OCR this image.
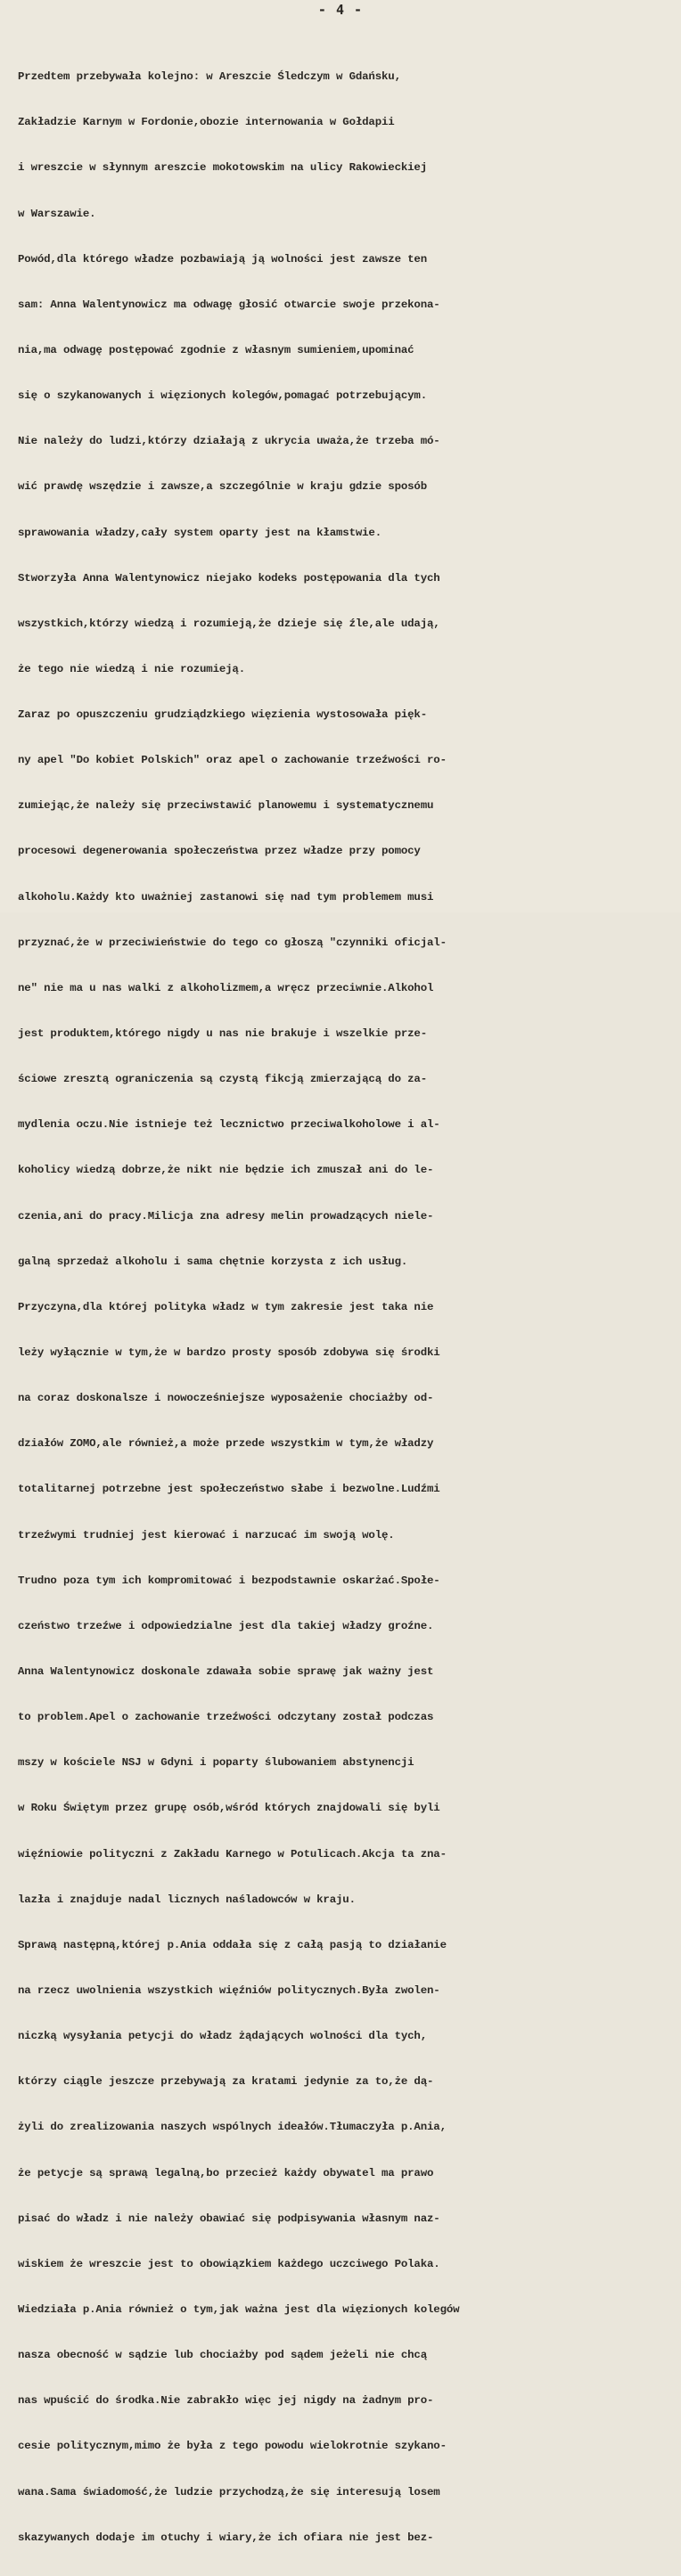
- 4 -

Przedtem przebywała kolejno: w Areszcie Śledczym w Gdańsku,

Zakładzie Karnym w Fordonie,obozie internowania w Gołdapii

i wreszcie w słynnym areszcie mokotowskim na ulicy Rakowieckiej

w Warszawie.

Powód,dla którego władze pozbawiają ją wolności jest zawsze ten

sam: Anna Walentynowicz ma odwagę głosić otwarcie swoje przekona-

nia,ma odwagę postępować zgodnie z własnym sumieniem,upominać

się o szykanowanych i więzionych kolegów,pomagać potrzebującym.

Nie należy do ludzi,którzy działają z ukrycia uważa,że trzeba mó-

wić prawdę wszędzie i zawsze,a szczególnie w kraju gdzie sposób

sprawowania władzy,cały system oparty jest na kłamstwie.

Stworzyła Anna Walentynowicz niejako kodeks postępowania dla tych

wszystkich,którzy wiedzą i rozumieją,że dzieje się źle,ale udają,

że tego nie wiedzą i nie rozumieją.

Zaraz po opuszczeniu grudziądzkiego więzienia wystosowała pięk-

ny apel "Do kobiet Polskich" oraz apel o zachowanie trzeźwości ro-

zumiejąc,że należy się przeciwstawić planowemu i systematycznemu

procesowi degenerowania społeczeństwa przez władze przy pomocy

alkoholu.Każdy kto uważniej zastanowi się nad tym problemem musi

przyznać,że w przeciwieństwie do tego co głoszą "czynniki oficjal-

ne" nie ma u nas walki z alkoholizmem,a wręcz przeciwnie.Alkohol

jest produktem,którego nigdy u nas nie brakuje i wszelkie prze-

ściowe zresztą ograniczenia są czystą fikcją zmierzającą do za-

mydlenia oczu.Nie istnieje też lecznictwo przeciwalkoholowe i al-

koholicy wiedzą dobrze,że nikt nie będzie ich zmuszał ani do le-

czenia,ani do pracy.Milicja zna adresy melin prowadzących niele-

galną sprzedaż alkoholu i sama chętnie korzysta z ich usług.

Przyczyna,dla której polityka władz w tym zakresie jest taka nie

leży wyłącznie w tym,że w bardzo prosty sposób zdobywa się środki

na coraz doskonalsze i nowocześniejsze wyposażenie chociażby od-

działów ZOMO,ale również,a może przede wszystkim w tym,że władzy

totalitarnej potrzebne jest społeczeństwo słabe i bezwolne.Ludźmi

trzeźwymi trudniej jest kierować i narzucać im swoją wolę.

Trudno poza tym ich kompromitować i bezpodstawnie oskarżać.Społe-

czeństwo trzeźwe i odpowiedzialne jest dla takiej władzy groźne.

Anna Walentynowicz doskonale zdawała sobie sprawę jak ważny jest

to problem.Apel o zachowanie trzeźwości odczytany został podczas

mszy w kościele NSJ w Gdyni i poparty ślubowaniem abstynencji

w Roku Świętym przez grupę osób,wśród których znajdowali się byli

więźniowie polityczni z Zakładu Karnego w Potulicach.Akcja ta zna-

lazła i znajduje nadal licznych naśladowców w kraju.

Sprawą następną,której p.Ania oddała się z całą pasją to działanie

na rzecz uwolnienia wszystkich więźniów politycznych.Była zwolen-

niczką wysyłania petycji do władz żądających wolności dla tych,

którzy ciągle jeszcze przebywają za kratami jedynie za to,że dą-

żyli do zrealizowania naszych wspólnych ideałów.Tłumaczyła p.Ania,

że petycje są sprawą legalną,bo przecież każdy obywatel ma prawo

pisać do władz i nie należy obawiać się podpisywania własnym naz-

wiskiem że wreszcie jest to obowiązkiem każdego uczciwego Polaka.

Wiedziała p.Ania również o tym,jak ważna jest dla więzionych kolegów

nasza obecność w sądzie lub chociażby pod sądem jeżeli nie chcą

nas wpuścić do środka.Nie zabrakło więc jej nigdy na żadnym pro-

cesie politycznym,mimo że była z tego powodu wielokrotnie szykano-

wana.Sama świadomość,że ludzie przychodzą,że się interesują losem

skazywanych dodaje im otuchy i wiary,że ich ofiara nie jest bez-
